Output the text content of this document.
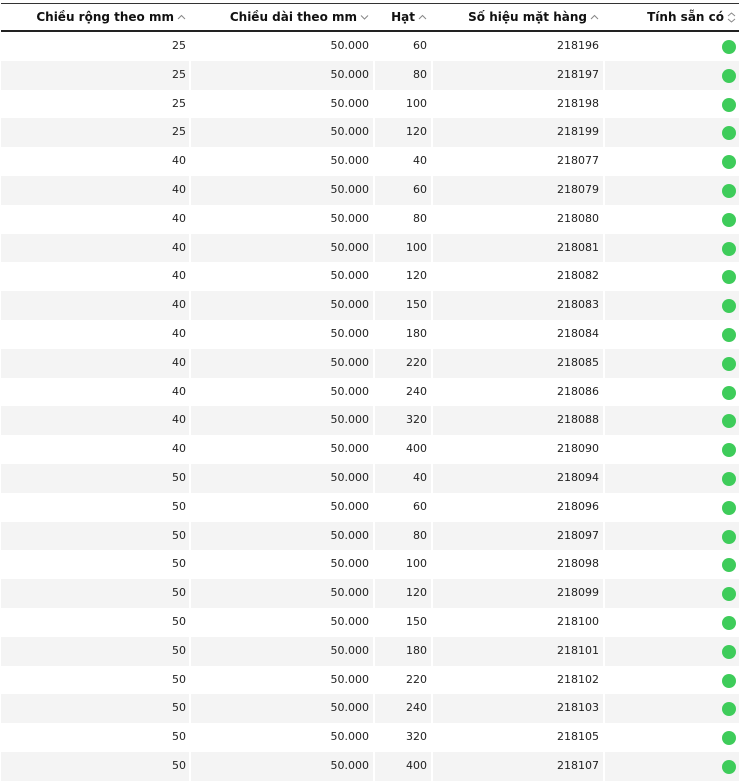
Chiều rộng theo mm	Chiều dài theo mm	Hạt	Số hiệu mặt hàng	Tính sẵn có
25	50.000	60	218196
25	50.000	80	218197
25	50.000	100	218198
25	50.000	120	218199
40	50.000	40	218077
40	50.000	60	218079
40	50.000	80	218080
40	50.000	100	218081
40	50.000	120	218082
40	50.000	150	218083
40	50.000	180	218084
40	50.000	220	218085
40	50.000	240	218086
40	50.000	320	218088
40	50.000	400	218090
50	50.000	40	218094
50	50.000	60	218096
50	50.000	80	218097
50	50.000	100	218098
50	50.000	120	218099
50	50.000	150	218100
50	50.000	180	218101
50	50.000	220	218102
50	50.000	240	218103
50	50.000	320	218105
50	50.000	400	218107
